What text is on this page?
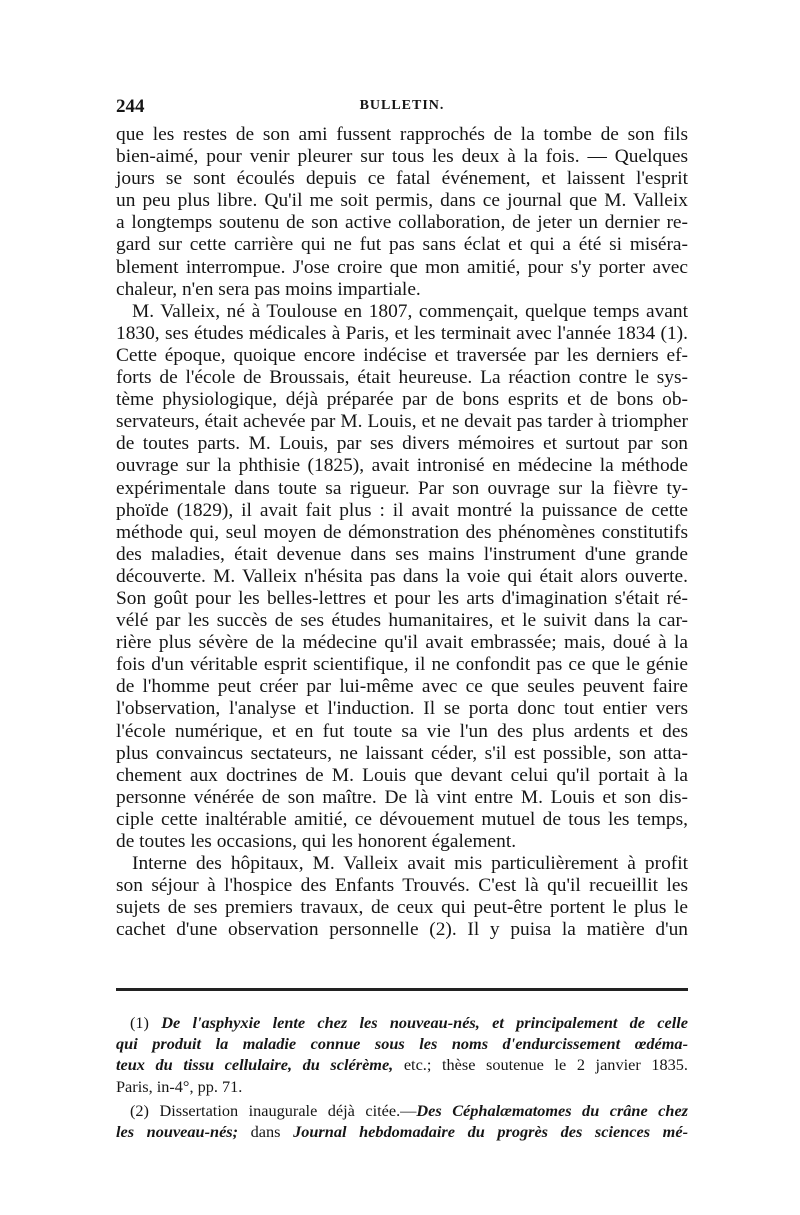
244	BULLETIN.
que les restes de son ami fussent rapprochés de la tombe de son fils
bien-aimé, pour venir pleurer sur tous les deux à la fois. — Quelques
jours se sont écoulés depuis ce fatal événement, et laissent l'esprit
un peu plus libre. Qu'il me soit permis, dans ce journal que M. Valleix
a longtemps soutenu de son active collaboration, de jeter un dernier re-
gard sur cette carrière qui ne fut pas sans éclat et qui a été si miséra-
blement interrompue. J'ose croire que mon amitié, pour s'y porter avec
chaleur, n'en sera pas moins impartiale.
M. Valleix, né à Toulouse en 1807, commençait, quelque temps avant
1830, ses études médicales à Paris, et les terminait avec l'année 1834 (1).
Cette époque, quoique encore indécise et traversée par les derniers ef-
forts de l'école de Broussais, était heureuse. La réaction contre le sys-
tème physiologique, déjà préparée par de bons esprits et de bons ob-
servateurs, était achevée par M. Louis, et ne devait pas tarder à triompher
de toutes parts. M. Louis, par ses divers mémoires et surtout par son
ouvrage sur la phthisie (1825), avait intronisé en médecine la méthode
expérimentale dans toute sa rigueur. Par son ouvrage sur la fièvre ty-
phoïde (1829), il avait fait plus : il avait montré la puissance de cette
méthode qui, seul moyen de démonstration des phénomènes constitutifs
des maladies, était devenue dans ses mains l'instrument d'une grande
découverte. M. Valleix n'hésita pas dans la voie qui était alors ouverte.
Son goût pour les belles-lettres et pour les arts d'imagination s'était ré-
vélé par les succès de ses études humanitaires, et le suivit dans la car-
rière plus sévère de la médecine qu'il avait embrassée; mais, doué à la
fois d'un véritable esprit scientifique, il ne confondit pas ce que le génie
de l'homme peut créer par lui-même avec ce que seules peuvent faire
l'observation, l'analyse et l'induction. Il se porta donc tout entier vers
l'école numérique, et en fut toute sa vie l'un des plus ardents et des
plus convaincus sectateurs, ne laissant céder, s'il est possible, son atta-
chement aux doctrines de M. Louis que devant celui qu'il portait à la
personne vénérée de son maître. De là vint entre M. Louis et son dis-
ciple cette inaltérable amitié, ce dévouement mutuel de tous les temps,
de toutes les occasions, qui les honorent également.
Interne des hôpitaux, M. Valleix avait mis particulièrement à profit
son séjour à l'hospice des Enfants Trouvés. C'est là qu'il recueillit les
sujets de ses premiers travaux, de ceux qui peut-être portent le plus le
cachet d'une observation personnelle (2). Il y puisa la matière d'un
(1) De l'asphyxie lente chez les nouveau-nés, et principalement de celle
qui produit la maladie connue sous les noms d'endurcissement œdéma-
teux du tissu cellulaire, du sclérème, etc.; thèse soutenue le 2 janvier 1835.
Paris, in-4°, pp. 71.
(2) Dissertation inaugurale déjà citée.—Des Céphalæmatomes du crâne chez
les nouveau-nés; dans Journal hebdomadaire du progrès des sciences mé-
